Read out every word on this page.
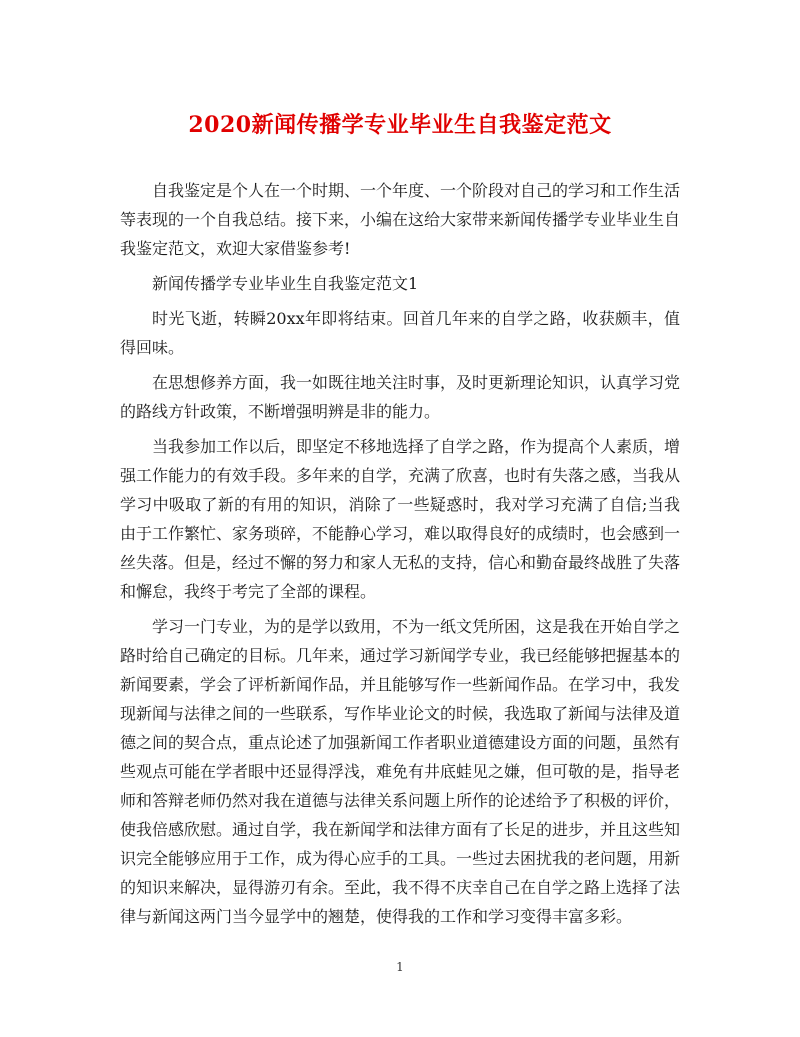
2020新闻传播学专业毕业生自我鉴定范文

自我鉴定是个人在一个时期、一个年度、一个阶段对自己的学习和工作生活等表现的一个自我总结。接下来，小编在这给大家带来新闻传播学专业毕业生自我鉴定范文，欢迎大家借鉴参考!

新闻传播学专业毕业生自我鉴定范文1

时光飞逝，转瞬20xx年即将结束。回首几年来的自学之路，收获颇丰，值得回味。

在思想修养方面，我一如既往地关注时事，及时更新理论知识，认真学习党的路线方针政策，不断增强明辨是非的能力。

当我参加工作以后，即坚定不移地选择了自学之路，作为提高个人素质，增强工作能力的有效手段。多年来的自学，充满了欣喜，也时有失落之感，当我从学习中吸取了新的有用的知识，消除了一些疑惑时，我对学习充满了自信;当我由于工作繁忙、家务琐碎，不能静心学习，难以取得良好的成绩时，也会感到一丝失落。但是，经过不懈的努力和家人无私的支持，信心和勤奋最终战胜了失落和懈怠，我终于考完了全部的课程。

学习一门专业，为的是学以致用，不为一纸文凭所困，这是我在开始自学之路时给自己确定的目标。几年来，通过学习新闻学专业，我已经能够把握基本的新闻要素，学会了评析新闻作品，并且能够写作一些新闻作品。在学习中，我发现新闻与法律之间的一些联系，写作毕业论文的时候，我选取了新闻与法律及道德之间的契合点，重点论述了加强新闻工作者职业道德建设方面的问题，虽然有些观点可能在学者眼中还显得浮浅，难免有井底蛙见之嫌，但可敬的是，指导老师和答辩老师仍然对我在道德与法律关系问题上所作的论述给予了积极的评价，使我倍感欣慰。通过自学，我在新闻学和法律方面有了长足的进步，并且这些知识完全能够应用于工作，成为得心应手的工具。一些过去困扰我的老问题，用新的知识来解决，显得游刃有余。至此，我不得不庆幸自己在自学之路上选择了法律与新闻这两门当今显学中的翘楚，使得我的工作和学习变得丰富多彩。

1
